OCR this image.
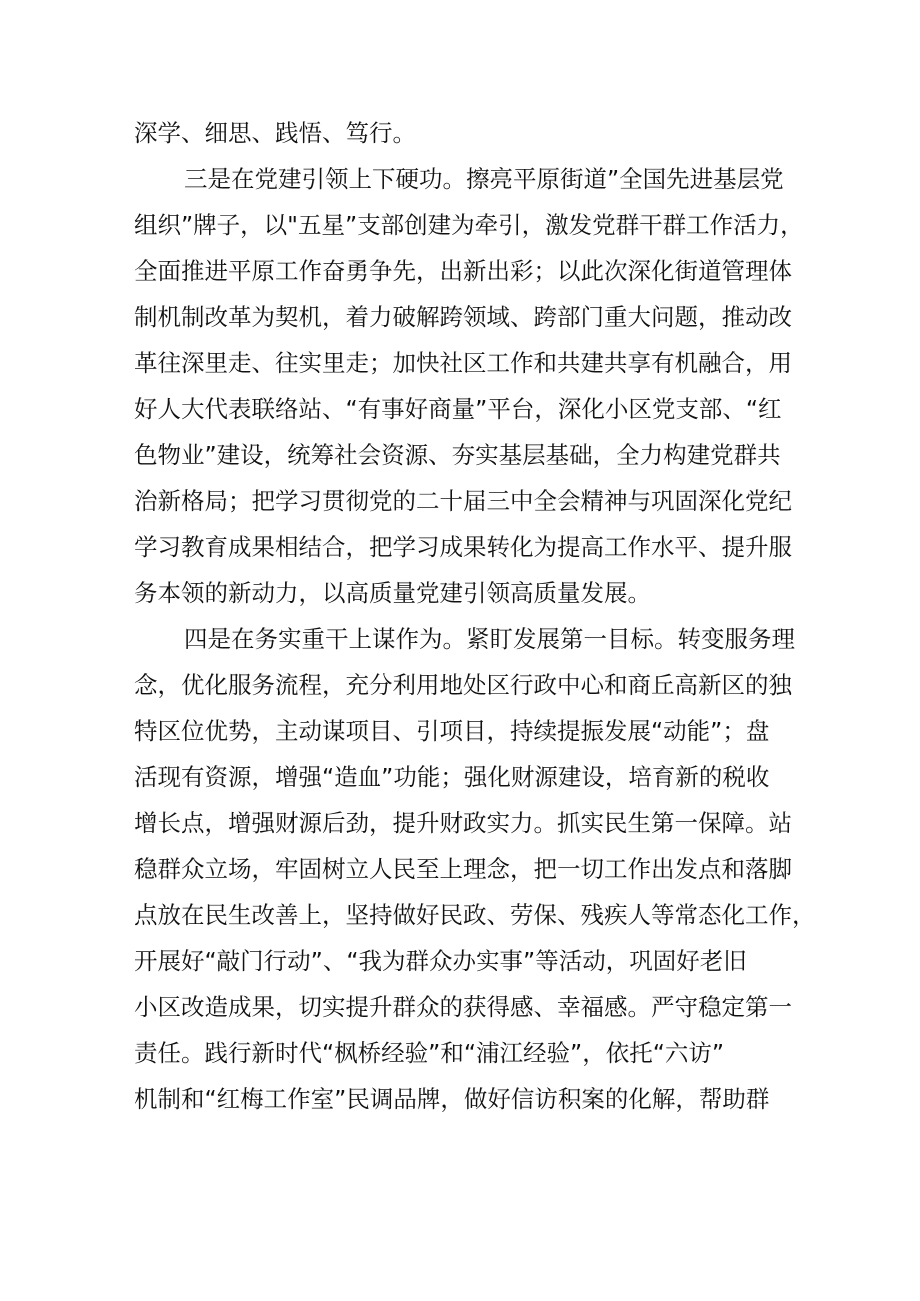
深学、细思、践悟、笃行。
三是在党建引领上下硬功。擦亮平原街道”全国先进基层党
组织”牌子，以"五星”支部创建为牵引，激发党群干群工作活力，
全面推进平原工作奋勇争先，出新出彩；以此次深化街道管理体
制机制改革为契机，着力破解跨领域、跨部门重大问题，推动改
革往深里走、往实里走；加快社区工作和共建共享有机融合，用
好人大代表联络站、“有事好商量”平台，深化小区党支部、“红
色物业”建设，统筹社会资源、夯实基层基础，全力构建党群共
治新格局；把学习贯彻党的二十届三中全会精神与巩固深化党纪
学习教育成果相结合，把学习成果转化为提高工作水平、提升服
务本领的新动力，以高质量党建引领高质量发展。
四是在务实重干上谋作为。紧盯发展第一目标。转变服务理
念，优化服务流程，充分利用地处区行政中心和商丘高新区的独
特区位优势，主动谋项目、引项目，持续提振发展“动能”；盘
活现有资源，增强“造血”功能；强化财源建设，培育新的税收
增长点，增强财源后劲，提升财政实力。抓实民生第一保障。站
稳群众立场，牢固树立人民至上理念，把一切工作出发点和落脚
点放在民生改善上，坚持做好民政、劳保、残疾人等常态化工作，
开展好“敲门行动”、“我为群众办实事”等活动，巩固好老旧
小区改造成果，切实提升群众的获得感、幸福感。严守稳定第一
责任。践行新时代“枫桥经验”和“浦江经验”，依托“六访”
机制和“红梅工作室”民调品牌，做好信访积案的化解，帮助群
